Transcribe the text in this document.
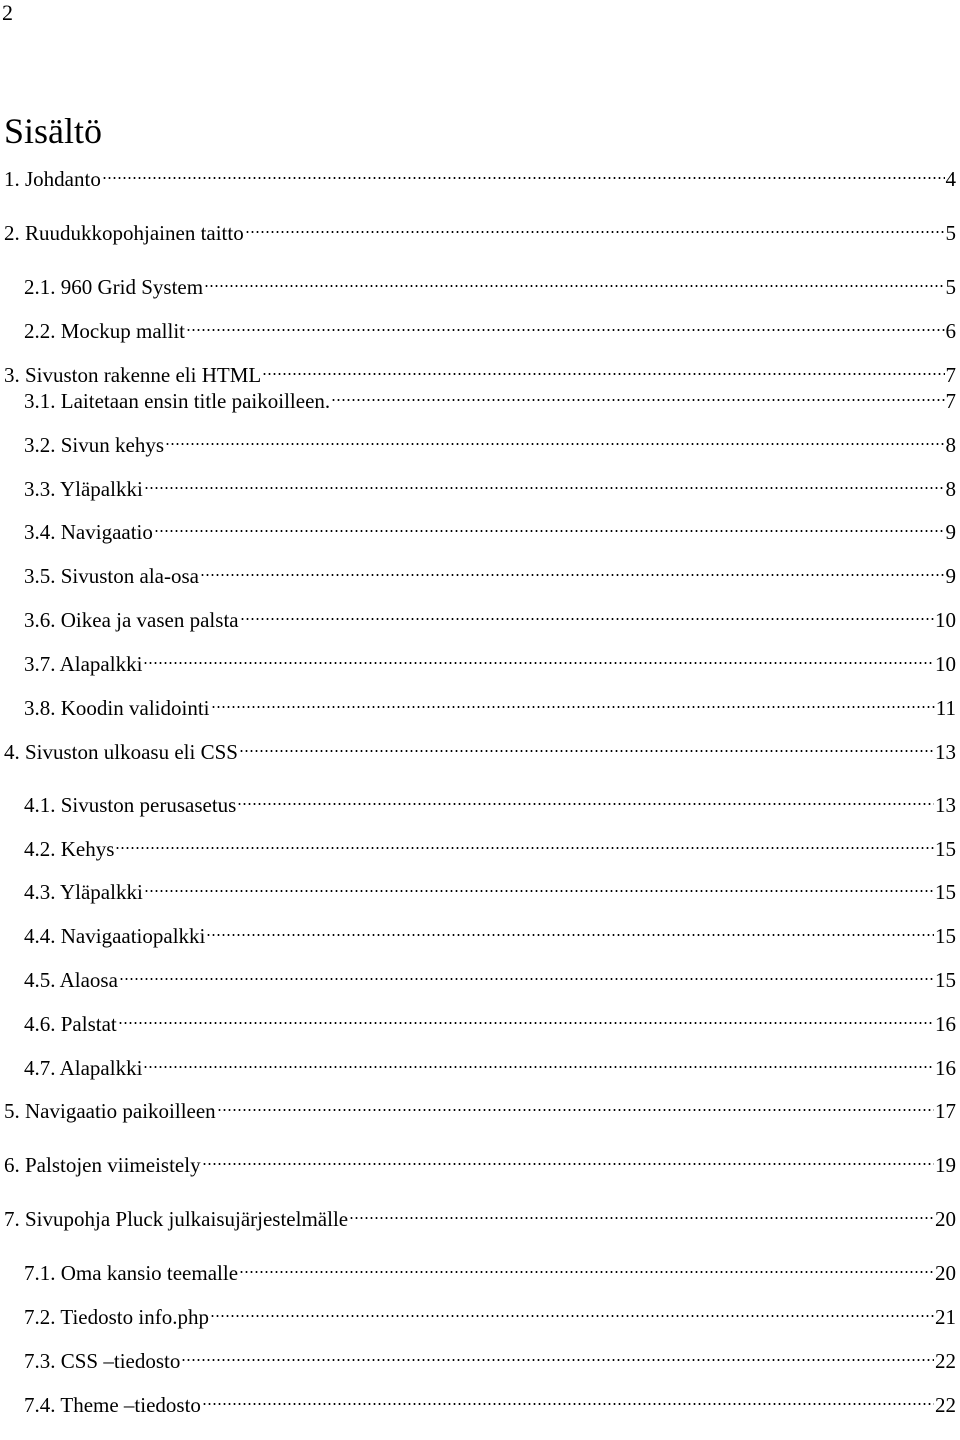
2
Sisältö
1. Johdanto	4
2. Ruudukkopohjainen taitto	5
2.1. 960 Grid System	5
2.2. Mockup mallit	6
3. Sivuston rakenne eli HTML	7
3.1. Laitetaan ensin title paikoilleen.	7
3.2. Sivun kehys	8
3.3. Yläpalkki	8
3.4. Navigaatio	9
3.5. Sivuston ala-osa	9
3.6. Oikea ja vasen palsta	10
3.7. Alapalkki	10
3.8. Koodin validointi	11
4. Sivuston ulkoasu eli CSS	13
4.1. Sivuston perusasetus	13
4.2. Kehys	15
4.3. Yläpalkki	15
4.4. Navigaatiopalkki	15
4.5. Alaosa	15
4.6. Palstat	16
4.7. Alapalkki	16
5. Navigaatio paikoilleen	17
6. Palstojen viimeistely	19
7. Sivupohja Pluck julkaisujärjestelmälle	20
7.1. Oma kansio teemalle	20
7.2. Tiedosto info.php	21
7.3. CSS –tiedosto	22
7.4. Theme –tiedosto	22
